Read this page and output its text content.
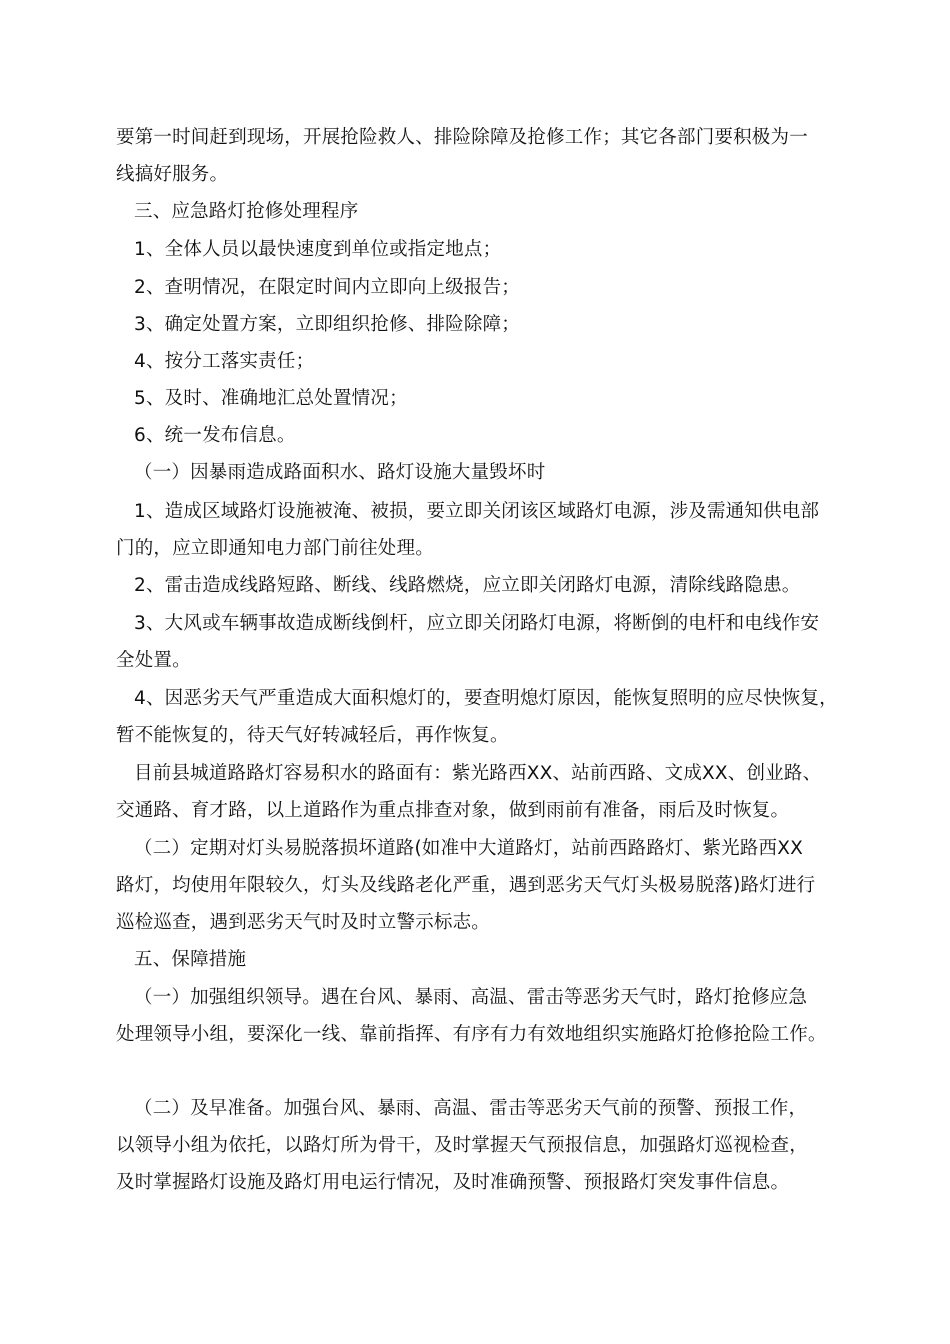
要第一时间赶到现场，开展抢险救人、排险除障及抢修工作；其它各部门要积极为一
线搞好服务。
三、应急路灯抢修处理程序
1、全体人员以最快速度到单位或指定地点；
2、查明情况，在限定时间内立即向上级报告；
3、确定处置方案，立即组织抢修、排险除障；
4、按分工落实责任；
5、及时、准确地汇总处置情况；
6、统一发布信息。
（一）因暴雨造成路面积水、路灯设施大量毁坏时
1、造成区域路灯设施被淹、被损，要立即关闭该区域路灯电源，涉及需通知供电部
门的，应立即通知电力部门前往处理。
2、雷击造成线路短路、断线、线路燃烧，应立即关闭路灯电源，清除线路隐患。
3、大风或车辆事故造成断线倒杆，应立即关闭路灯电源，将断倒的电杆和电线作安
全处置。
4、因恶劣天气严重造成大面积熄灯的，要查明熄灯原因，能恢复照明的应尽快恢复，
暂不能恢复的，待天气好转减轻后，再作恢复。
目前县城道路路灯容易积水的路面有：紫光路西XX、站前西路、文成XX、创业路、
交通路、育才路，以上道路作为重点排查对象，做到雨前有准备，雨后及时恢复。
（二）定期对灯头易脱落损坏道路(如准中大道路灯，站前西路路灯、紫光路西XX
路灯，均使用年限较久，灯头及线路老化严重，遇到恶劣天气灯头极易脱落)路灯进行
巡检巡查，遇到恶劣天气时及时立警示标志。
五、保障措施
（一）加强组织领导。遇在台风、暴雨、高温、雷击等恶劣天气时，路灯抢修应急
处理领导小组，要深化一线、靠前指挥、有序有力有效地组织实施路灯抢修抢险工作。
（二）及早准备。加强台风、暴雨、高温、雷击等恶劣天气前的预警、预报工作，
以领导小组为依托，以路灯所为骨干，及时掌握天气预报信息，加强路灯巡视检查，
及时掌握路灯设施及路灯用电运行情况，及时准确预警、预报路灯突发事件信息。
